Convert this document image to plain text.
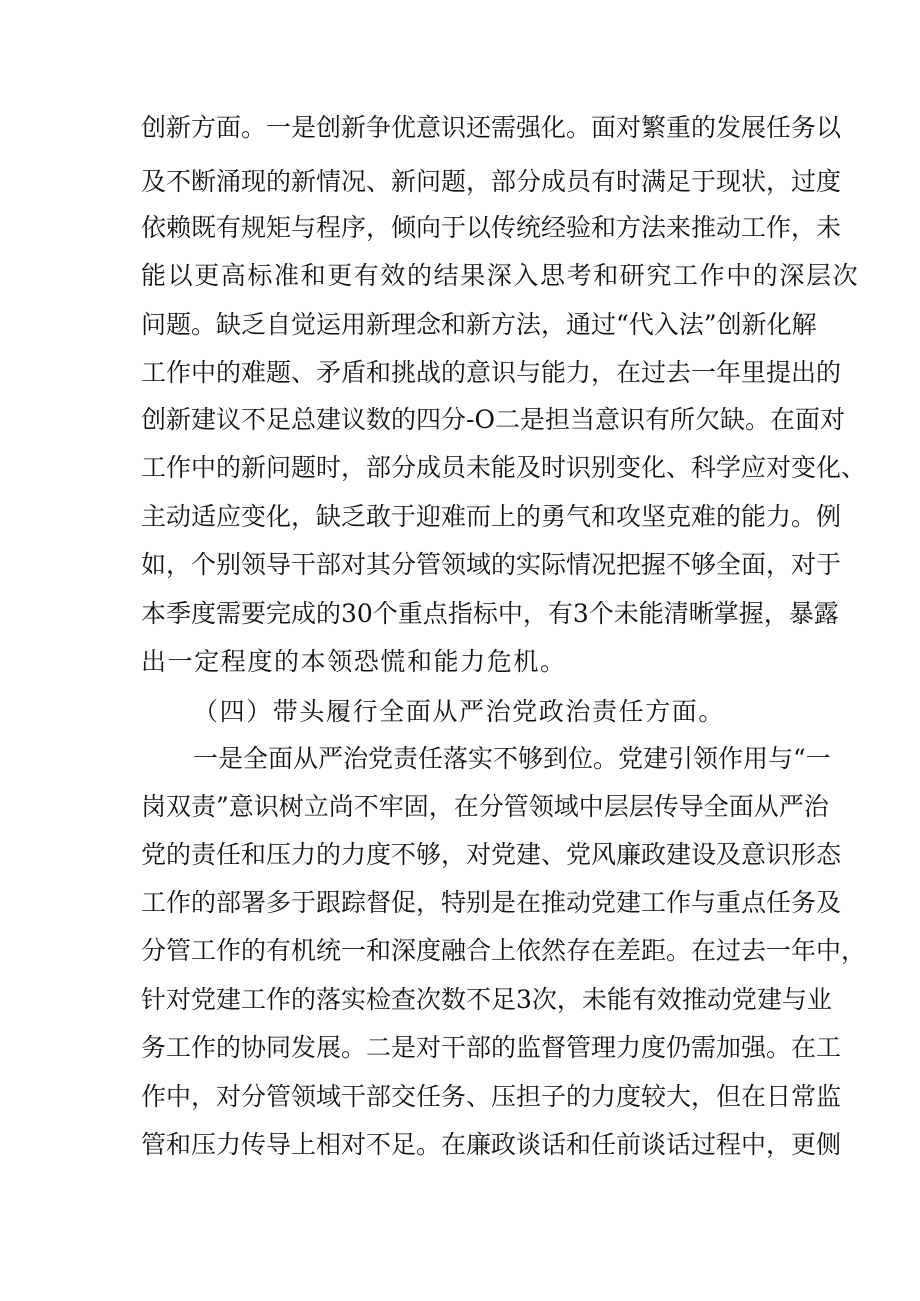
创新方面。一是创新争优意识还需强化。面对繁重的发展任务以
及不断涌现的新情况、新问题，部分成员有时满足于现状，过度
依赖既有规矩与程序，倾向于以传统经验和方法来推动工作，未
能以更高标准和更有效的结果深入思考和研究工作中的深层次
问题。缺乏自觉运用新理念和新方法，通过“代入法”创新化解
工作中的难题、矛盾和挑战的意识与能力，在过去一年里提出的
创新建议不足总建议数的四分-O二是担当意识有所欠缺。在面对
工作中的新问题时，部分成员未能及时识别变化、科学应对变化、
主动适应变化，缺乏敢于迎难而上的勇气和攻坚克难的能力。例
如，个别领导干部对其分管领域的实际情况把握不够全面，对于
本季度需要完成的30个重点指标中，有3个未能清晰掌握，暴露
出一定程度的本领恐慌和能力危机。
（四）带头履行全面从严治党政治责任方面。
一是全面从严治党责任落实不够到位。党建引领作用与“一
岗双责”意识树立尚不牢固，在分管领域中层层传导全面从严治
党的责任和压力的力度不够，对党建、党风廉政建设及意识形态
工作的部署多于跟踪督促，特别是在推动党建工作与重点任务及
分管工作的有机统一和深度融合上依然存在差距。在过去一年中，
针对党建工作的落实检查次数不足3次，未能有效推动党建与业
务工作的协同发展。二是对干部的监督管理力度仍需加强。在工
作中，对分管领域干部交任务、压担子的力度较大，但在日常监
管和压力传导上相对不足。在廉政谈话和任前谈话过程中，更侧
